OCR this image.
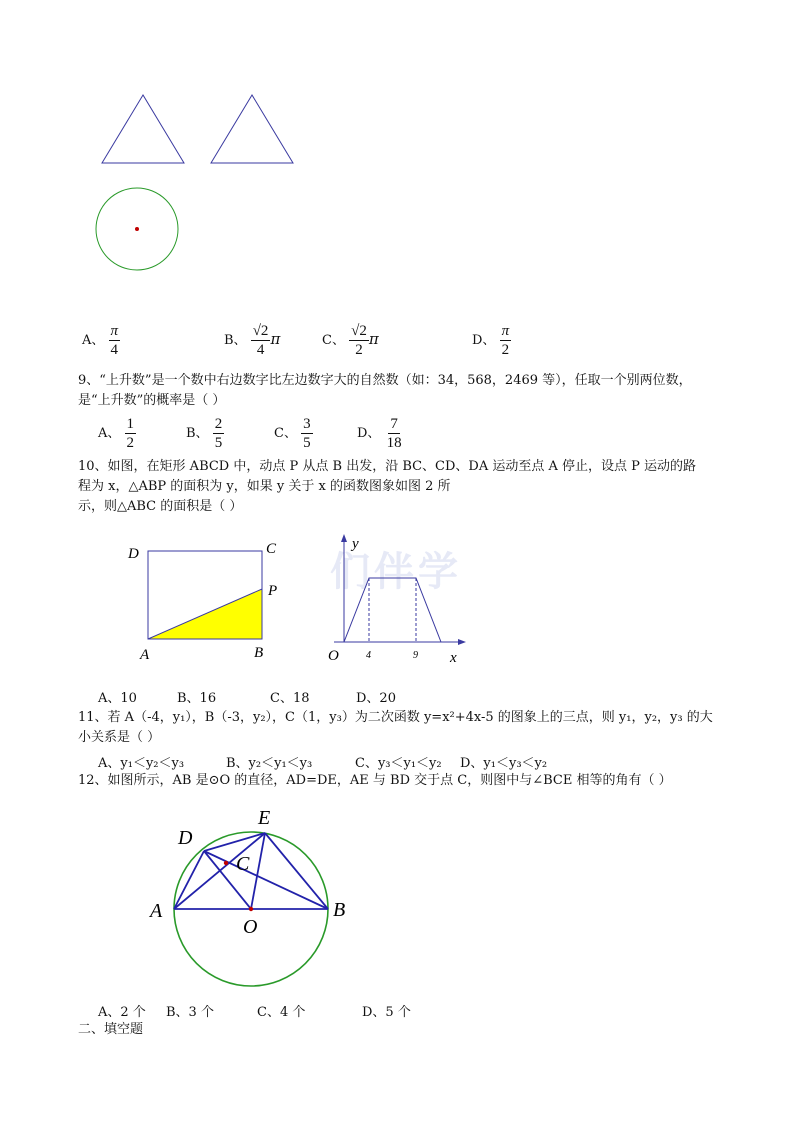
们伴学
A、 $\frac{\pi}{4}$	B、 $\frac{√2}{4}$ π	C、 $\frac{√2}{2}$ π	D、 $\frac{\pi}{2}$
9、“上升数”是一个数中右边数字比左边数字大的自然数（如：34，568，2469 等），任取一个别两位数，
是“上升数”的概率是（ ）
A、 $\frac{1}{2}$	B、 $\frac{2}{5}$	C、 $\frac{3}{5}$	D、 $\frac{7}{18}$
10、如图，在矩形 ABCD 中，动点 P 从点 B 出发，沿 BC、CD、DA 运动至点 A 停止，设点 P 运动的路
程为 x，△ABP 的面积为 y，如果 y 关于 x 的函数图象如图 2 所
示，则△ABC 的面积是（ ）
D	C
P
A	B
y
O	4	9 x
A、10	B、16	C、18	D、20
11、若 A（-4，y₁），B（-3，y₂），C（1，y₃）为二次函数 y=x²+4x-5 的图象上的三点，则 y₁，y₂，y₃ 的大
小关系是（ ）
A、y₁＜y₂＜y₃	B、y₂＜y₁＜y₃	C、y₃＜y₁＜y₂ D、y₁＜y₃＜y₂
12、如图所示，AB 是⊙O 的直径，AD=DE，AE 与 BD 交于点 C，则图中与∠BCE 相等的角有（ ）
D
E
C
A	B
O
A、2 个 B、3 个	C、4 个	D、5 个
二、填空题
